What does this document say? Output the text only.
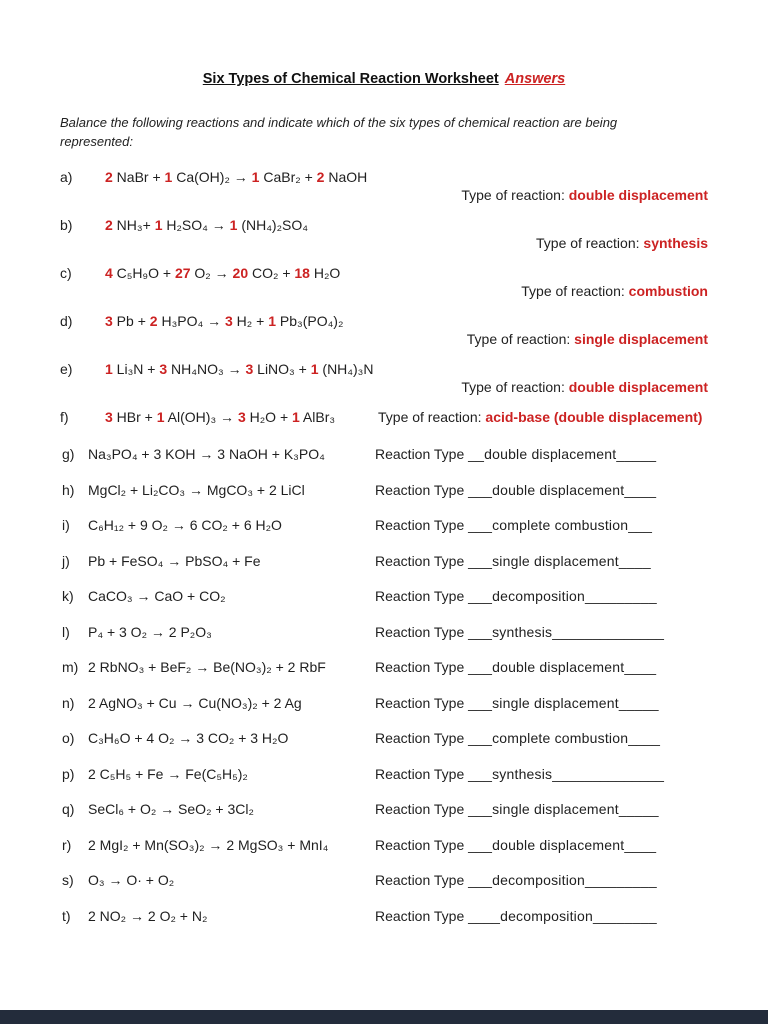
Six Types of Chemical Reaction Worksheet Answers
Balance the following reactions and indicate which of the six types of chemical reaction are being
represented:
a) 2 NaBr + 1 Ca(OH)₂ → 1 CaBr₂ + 2 NaOH
Type of reaction: double displacement
b) 2 NH₃+ 1 H₂SO₄ → 1 (NH₄)₂SO₄
Type of reaction: synthesis
c) 4 C₅H₉O + 27 O₂ → 20 CO₂ + 18 H₂O
Type of reaction: combustion
d) 3 Pb + 2 H₃PO₄ → 3 H₂ + 1 Pb₃(PO₄)₂
Type of reaction: single displacement
e) 1 Li₃N + 3 NH₄NO₃ → 3 LiNO₃ + 1 (NH₄)₃N
Type of reaction: double displacement
f)	3 HBr + 1 Al(OH)₃ → 3 H₂O + 1 AlBr₃	Type of reaction: acid-base (double displacement)
g) Na₃PO₄ + 3 KOH → 3 NaOH + K₃PO₄	Reaction Type __double displacement_____
h) MgCl₂ + Li₂CO₃ → MgCO₃ + 2 LiCl	Reaction Type ___double displacement____
i)	C₆H₁₂ + 9 O₂ → 6 CO₂ + 6 H₂O	Reaction Type ___complete combustion___
j)	Pb + FeSO₄ → PbSO₄ + Fe	Reaction Type ___single displacement____
k)	CaCO₃ → CaO + CO₂	Reaction Type ___decomposition_________
l)	P₄ + 3 O₂ → 2 P₂O₃	Reaction Type ___synthesis______________
m) 2 RbNO₃ + BeF₂ → Be(NO₃)₂ + 2 RbF	Reaction Type ___double displacement____
n) 2 AgNO₃ + Cu → Cu(NO₃)₂ + 2 Ag	Reaction Type ___single displacement_____
o) C₃H₆O + 4 O₂ → 3 CO₂ + 3 H₂O	Reaction Type ___complete combustion____
p) 2 C₅H₅ + Fe → Fe(C₅H₅)₂	Reaction Type ___synthesis______________
q) SeCl₆ + O₂ → SeO₂ + 3Cl₂	Reaction Type ___single displacement_____
r)	2 MgI₂ + Mn(SO₃)₂ → 2 MgSO₃ + MnI₄	Reaction Type ___double displacement____
s)	O₃ → O· + O₂	Reaction Type ___decomposition_________
t)	2 NO₂ → 2 O₂ + N₂	Reaction Type ____decomposition________
